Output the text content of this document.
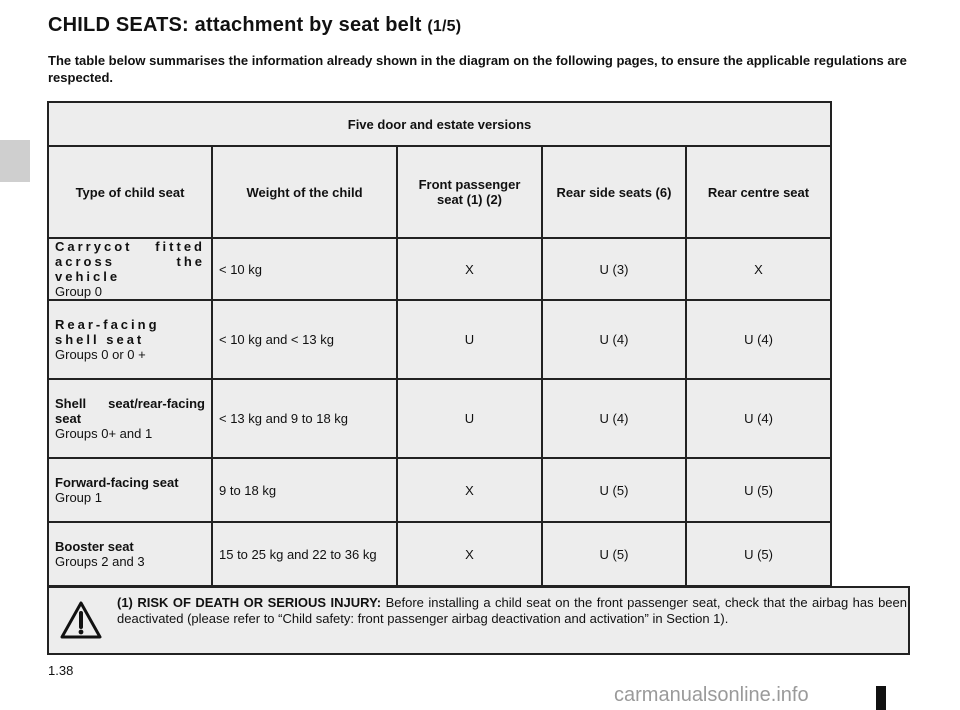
CHILD SEATS: attachment by seat belt (1/5)

The table below summarises the information already shown in the diagram on the following pages, to ensure the applicable regulations are respected.

Five door and estate versions				
Type of child seat	Weight of the child	Front passenger seat (1) (2)	Rear side seats (6)	Rear centre seat

Carrycot fitted across the vehicle
Group 0	< 10 kg	X	U (3)	X

Rear-facing shell seat
Groups 0 or 0 +	< 10 kg and < 13 kg	U	U (4)	U (4)

Shell seat/rear-facing seat
Groups 0+ and 1	< 13 kg and 9 to 18 kg	U	U (4)	U (4)

Forward-facing seat
Group 1	9 to 18 kg	X	U (5)	U (5)

Booster seat
Groups 2 and 3	15 to 25 kg and 22 to 36 kg	X	U (5)	U (5)

(1) RISK OF DEATH OR SERIOUS INJURY: Before installing a child seat on the front passenger seat, check that the airbag has been deactivated (please refer to “Child safety: front passenger airbag deactivation and activation” in Section 1).

1.38
carmanualsonline.info
